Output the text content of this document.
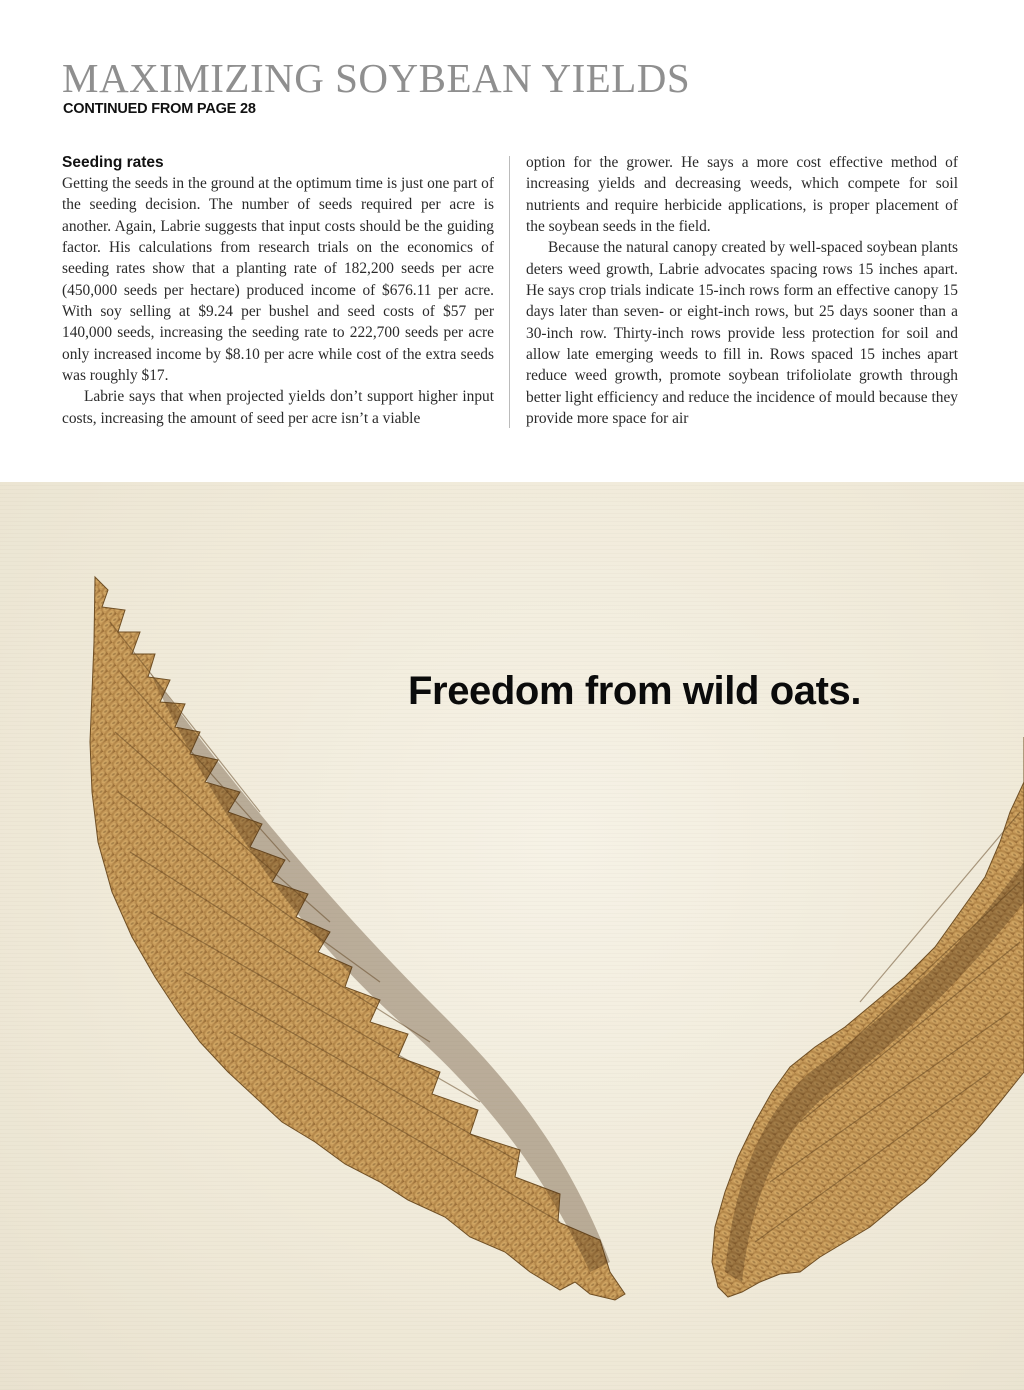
MAXIMIZING SOYBEAN YIELDS
CONTINUED FROM PAGE 28
Seeding rates

Getting the seeds in the ground at the optimum time is just one part of the seeding decision. The number of seeds required per acre is another. Again, Labrie suggests that input costs should be the guiding factor. His calculations from research trials on the economics of seeding rates show that a planting rate of 182,200 seeds per acre (450,000 seeds per hectare) produced income of $676.11 per acre. With soy selling at $9.24 per bushel and seed costs of $57 per 140,000 seeds, increasing the seeding rate to 222,700 seeds per acre only increased income by $8.10 per acre while cost of the extra seeds was roughly $17.

Labrie says that when projected yields don’t support higher input costs, increasing the amount of seed per acre isn’t a viable

option for the grower. He says a more cost effective method of increasing yields and decreasing weeds, which compete for soil nutrients and require herbicide applications, is proper placement of the soybean seeds in the field.

Because the natural canopy created by well-spaced soybean plants deters weed growth, Labrie advocates spacing rows 15 inches apart. He says crop trials indicate 15-inch rows form an effective canopy 15 days later than seven- or eight-inch rows, but 25 days sooner than a 30-inch row. Thirty-inch rows provide less protection for soil and allow late emerging weeds to fill in. Rows spaced 15 inches apart reduce weed growth, promote soybean trifoliolate growth through better light efficiency and reduce the incidence of mould because they provide more space for air

Freedom from wild oats.
